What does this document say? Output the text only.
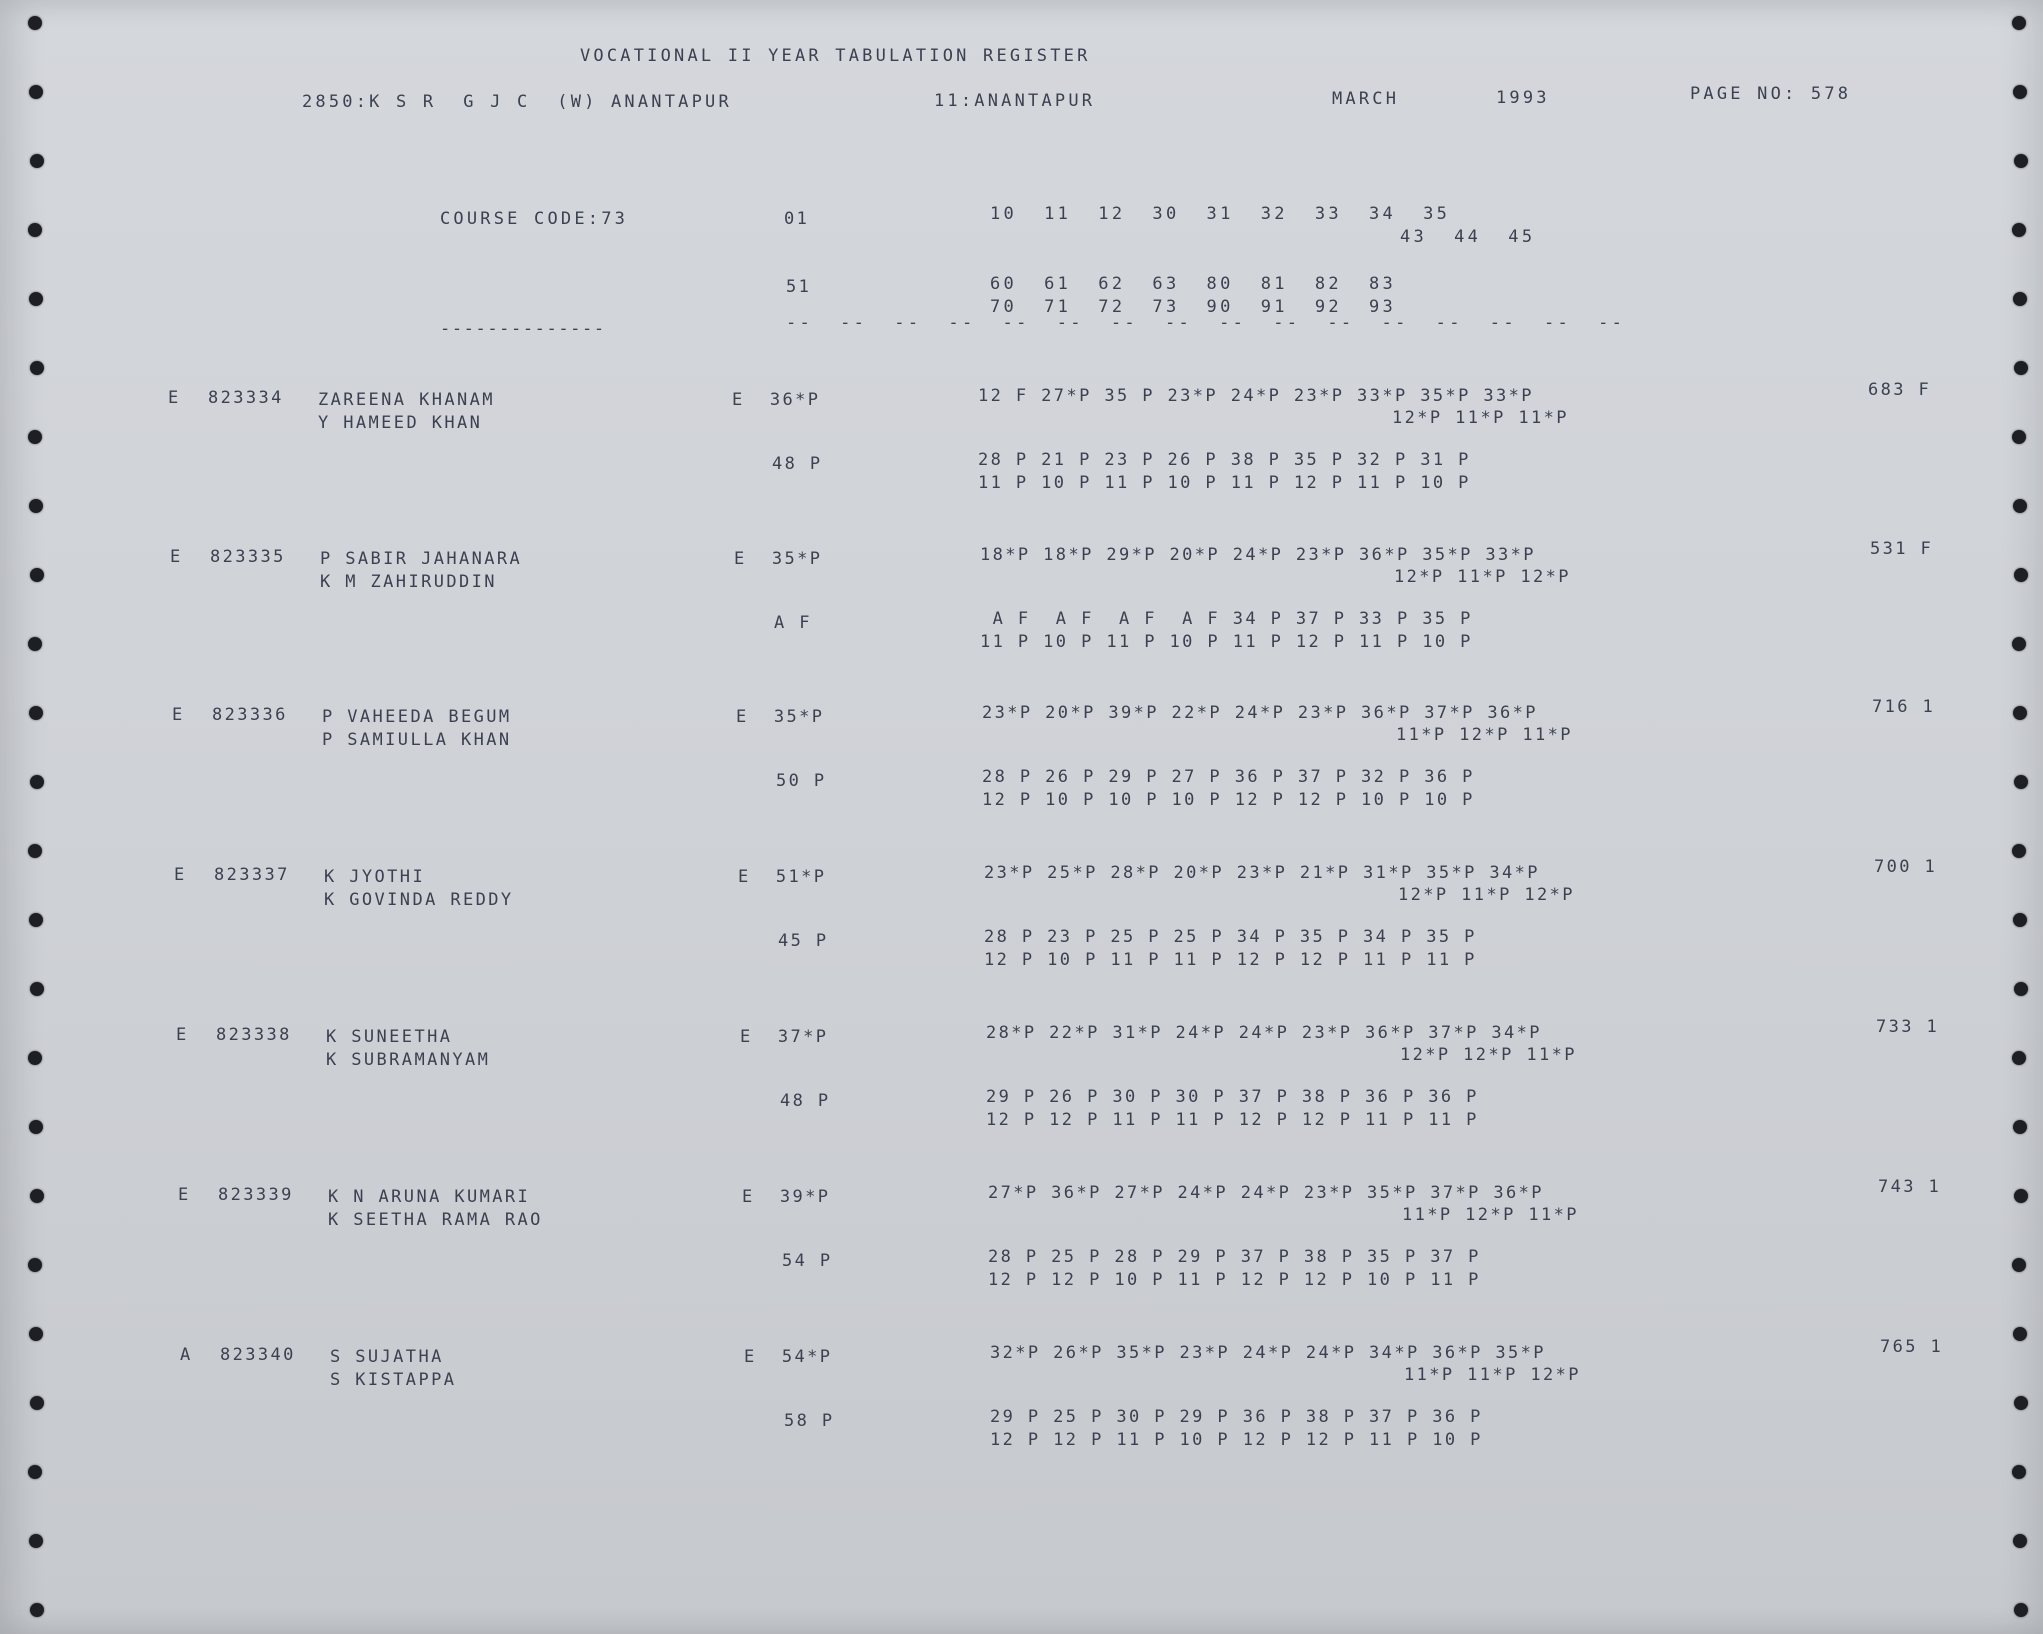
VOCATIONAL II YEAR TABULATION REGISTER
2850:K S R  G J C  (W) ANANTAPUR	11:ANANTAPUR	MARCH	1993	PAGE NO: 578
COURSE CODE:73	01	10  11  12  30  31  32  33  34  35
43  44  45
51	60  61  62  63  80  81  82  83
70  71  72  73  90  91  92  93
--------------	--  --  --  --  --  --  --  --  --  --  --  --  --  --  --  --
E 823334 ZAREENA KHANAM
Y HAMEED KHAN
E  36*P	12 F 27*P 35 P 23*P 24*P 23*P 33*P 35*P 33*P
12*P 11*P 11*P
48 P	28 P 21 P 23 P 26 P 38 P 35 P 32 P 31 P
11 P 10 P 11 P 10 P 11 P 12 P 11 P 10 P
683 F
E 823335 P SABIR JAHANARA
K M ZAHIRUDDIN
E  35*P	18*P 18*P 29*P 20*P 24*P 23*P 36*P 35*P 33*P
12*P 11*P 12*P
A F	A F  A F  A F  A F 34 P 37 P 33 P 35 P
11 P 10 P 11 P 10 P 11 P 12 P 11 P 10 P
531 F
E 823336 P VAHEEDA BEGUM
P SAMIULLA KHAN
E  35*P	23*P 20*P 39*P 22*P 24*P 23*P 36*P 37*P 36*P
11*P 12*P 11*P
50 P	28 P 26 P 29 P 27 P 36 P 37 P 32 P 36 P
12 P 10 P 10 P 10 P 12 P 12 P 10 P 10 P
716 1
E 823337 K JYOTHI
K GOVINDA REDDY
E  51*P	23*P 25*P 28*P 20*P 23*P 21*P 31*P 35*P 34*P
12*P 11*P 12*P
45 P	28 P 23 P 25 P 25 P 34 P 35 P 34 P 35 P
12 P 10 P 11 P 11 P 12 P 12 P 11 P 11 P
700 1
E 823338 K SUNEETHA
K SUBRAMANYAM
E  37*P	28*P 22*P 31*P 24*P 24*P 23*P 36*P 37*P 34*P
12*P 12*P 11*P
48 P	29 P 26 P 30 P 30 P 37 P 38 P 36 P 36 P
12 P 12 P 11 P 11 P 12 P 12 P 11 P 11 P
733 1
E 823339 K N ARUNA KUMARI
K SEETHA RAMA RAO
E  39*P	27*P 36*P 27*P 24*P 24*P 23*P 35*P 37*P 36*P
11*P 12*P 11*P
54 P	28 P 25 P 28 P 29 P 37 P 38 P 35 P 37 P
12 P 12 P 10 P 11 P 12 P 12 P 10 P 11 P
743 1
A 823340 S SUJATHA
S KISTAPPA
E  54*P	32*P 26*P 35*P 23*P 24*P 24*P 34*P 36*P 35*P
11*P 11*P 12*P
58 P	29 P 25 P 30 P 29 P 36 P 38 P 37 P 36 P
12 P 12 P 11 P 10 P 12 P 12 P 11 P 10 P
765 1
